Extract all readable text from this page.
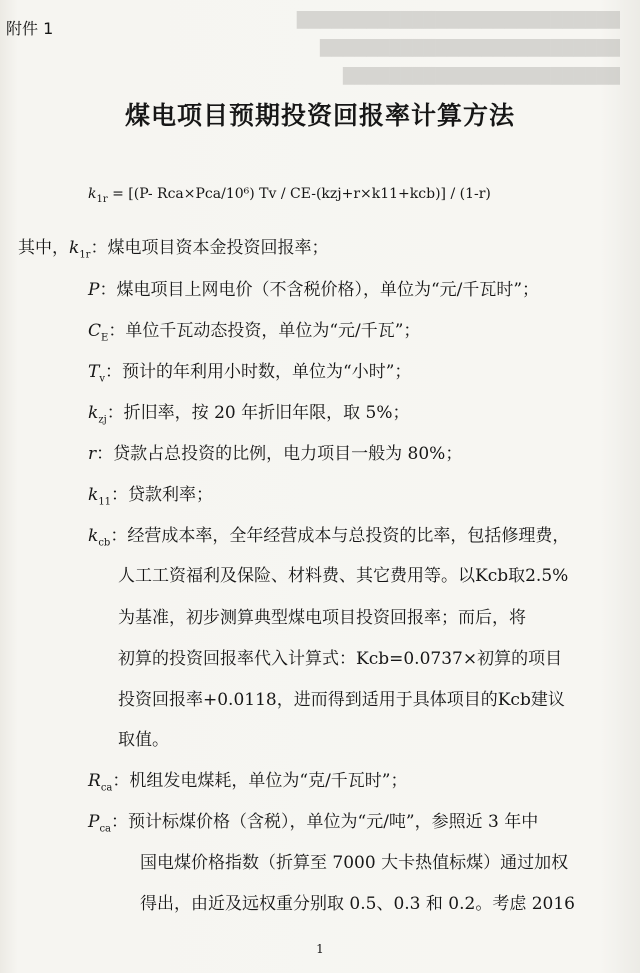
████████████████████████████
██████████████████████████
████████████████████████
附件 1
煤电项目预期投资回报率计算方法
$k_{1r} = [(P-$ Rca×Pca/10⁶) Tv / CE-(kzj+r×k11+kcb)] / (1-r)
其中，$k_{1r}$：煤电项目资本金投资回报率；
P：煤电项目上网电价（不含税价格），单位为“元/千瓦时”；
$C_E$：单位千瓦动态投资，单位为“元/千瓦”；
$T_v$：预计的年利用小时数，单位为“小时”；
$k_{zj}$：折旧率，按 20 年折旧年限，取 5%；
r：贷款占总投资的比例，电力项目一般为 80%；
$k_{11}$：贷款利率；
$k_{cb}$：经营成本率，全年经营成本与总投资的比率，包括修理费，
人工工资福利及保险、材料费、其它费用等。以Kcb取2.5%
为基准，初步测算典型煤电项目投资回报率；而后，将
初算的投资回报率代入计算式：Kcb=0.0737×初算的项目
投资回报率+0.0118，进而得到适用于具体项目的Kcb建议
取值。
$R_{ca}$：机组发电煤耗，单位为“克/千瓦时”；
$P_{ca}$：预计标煤价格（含税），单位为“元/吨”，参照近 3 年中
国电煤价格指数（折算至 7000 大卡热值标煤）通过加权
得出，由近及远权重分别取 0.5、0.3 和 0.2。考虑 2016
1
